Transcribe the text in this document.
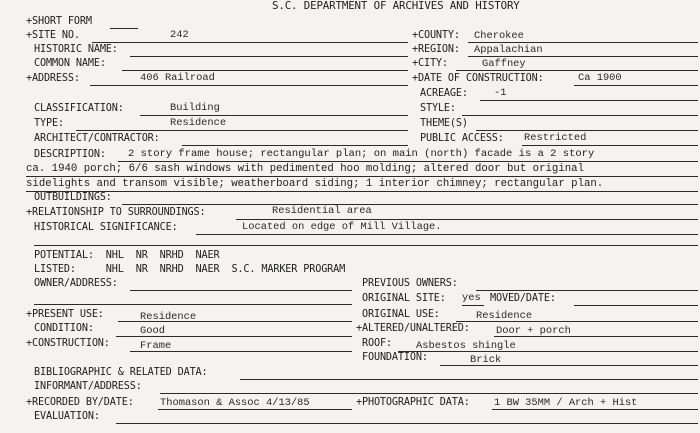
S.C. DEPARTMENT OF ARCHIVES AND HISTORY
+SHORT FORM
+SITE NO.	242	+COUNTY: Cherokee
HISTORIC NAME:	+REGION: Appalachian
COMMON NAME:	+CITY:	Gaffney
+ADDRESS:	406 Railroad	+DATE OF CONSTRUCTION:	Ca 1900
ACREAGE:	-1
CLASSIFICATION:	Building	STYLE:
TYPE:	Residence	THEME(S)
ARCHITECT/CONTRACTOR:	PUBLIC ACCESS: Restricted
DESCRIPTION: 2 story frame house; rectangular plan; on main (north) facade is a 2 story
ca. 1940 porch; 6/6 sash windows with pedimented hoo molding; altered door but original
sidelights and transom visible; weatherboard siding; 1 interior chimney; rectangular plan.
OUTBUILDINGS:
+RELATIONSHIP TO SURROUNDINGS:	Residential area
HISTORICAL SIGNIFICANCE:	Located on edge of Mill Village.
POTENTIAL:  NHL  NR  NRHD  NAER
LISTED:     NHL  NR  NRHD  NAER  S.C. MARKER PROGRAM
OWNER/ADDRESS:	PREVIOUS OWNERS:
ORIGINAL SITE: yes MOVED/DATE:
+PRESENT USE:	Residence	ORIGINAL USE:	Residence
CONDITION:	Good	+ALTERED/UNALTERED:	Door + porch
+CONSTRUCTION:	Frame	ROOF: Asbestos shingle
FOUNDATION:	Brick
BIBLIOGRAPHIC & RELATED DATA:
INFORMANT/ADDRESS:
+RECORDED BY/DATE:	Thomason & Assoc 4/13/85	+PHOTOGRAPHIC DATA: 1 BW 35MM / Arch + Hist
EVALUATION:
